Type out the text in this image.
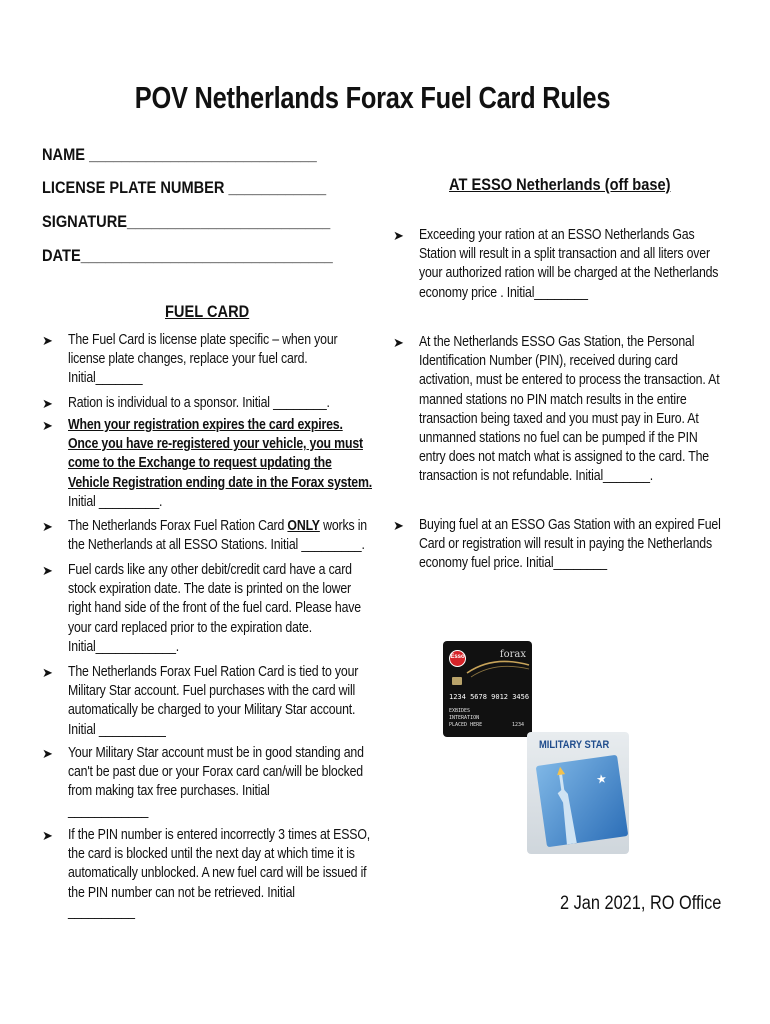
POV Netherlands Forax Fuel Card Rules
NAME ____________________________
LICENSE PLATE NUMBER ____________
SIGNATURE_________________________
DATE_______________________________
FUEL CARD
➤ The Fuel Card is license plate specific – when your
license plate changes, replace your fuel card.
Initial_______
➤ Ration is individual to a sponsor. Initial ________.
➤ When your registration expires the card expires.
Once you have re-registered your vehicle, you must
come to the Exchange to request updating the
Vehicle Registration ending date in the Forax system.
Initial _________.
➤ The Netherlands Forax Fuel Ration Card ONLY works in
the Netherlands at all ESSO Stations. Initial _________.
➤ Fuel cards like any other debit/credit card have a card
stock expiration date. The date is printed on the lower
right hand side of the front of the fuel card. Please have
your card replaced prior to the expiration date.
Initial____________.
➤ The Netherlands Forax Fuel Ration Card is tied to your
Military Star account. Fuel purchases with the card will
automatically be charged to your Military Star account.
Initial __________
➤ Your Military Star account must be in good standing and
can't be past due or your Forax card can/will be blocked
from making tax free purchases. Initial
____________
➤ If the PIN number is entered incorrectly 3 times at ESSO,
the card is blocked until the next day at which time it is
automatically unblocked. A new fuel card will be issued if
the PIN number can not be retrieved. Initial
__________
AT ESSO Netherlands (off base)
➤ Exceeding your ration at an ESSO Netherlands Gas
Station will result in a split transaction and all liters over
your authorized ration will be charged at the Netherlands
economy price . Initial________
➤ At the Netherlands ESSO Gas Station, the Personal
Identification Number (PIN), received during card
activation, must be entered to process the transaction. At
manned stations no PIN match results in the entire
transaction being taxed and you must pay in Euro. At
unmanned stations no fuel can be pumped if the PIN
entry does not match what is assigned to the card. The
transaction is not refundable. Initial_______.
➤ Buying fuel at an ESSO Gas Station with an expired Fuel
Card or registration will result in paying the Netherlands
economy fuel price. Initial________
Esso	forax
1234 5678 9012 3456
EXBIDES
INTERATION
PLACED HERE	1234
MILITARY STAR
★
2 Jan 2021, RO Office
